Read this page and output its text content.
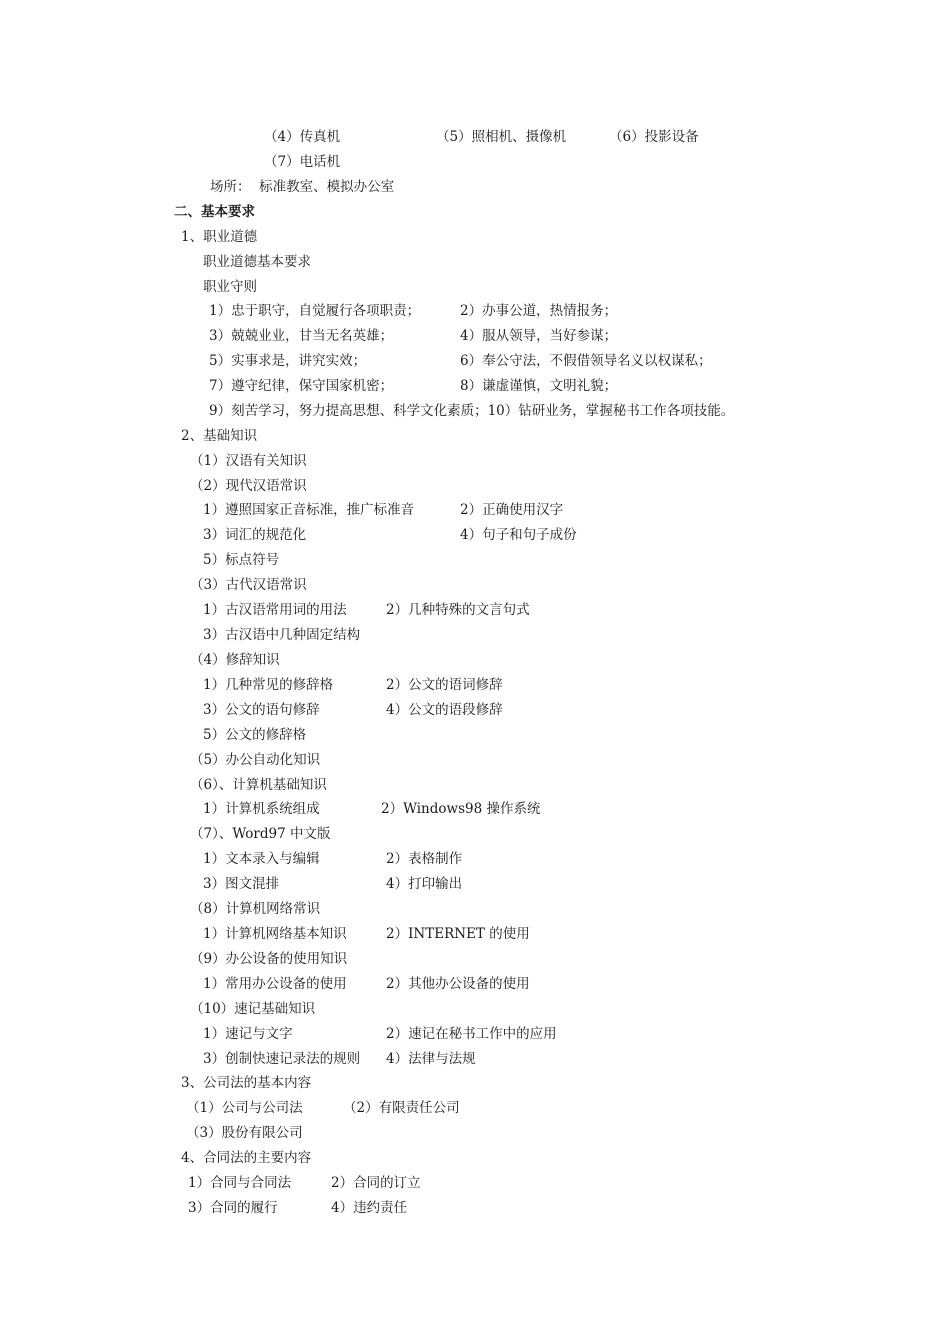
（4）传真机	（5）照相机、摄像机	（6）投影设备
（7）电话机
场所：  标准教室、模拟办公室
二、基本要求
1、职业道德
职业道德基本要求
职业守则
1）忠于职守，自觉履行各项职责；	2）办事公道，热情报务；
3）兢兢业业，甘当无名英雄；	4）服从领导，当好参谋；
5）实事求是，讲究实效；	6）奉公守法，不假借领导名义以权谋私；
7）遵守纪律，保守国家机密；	8）谦虚谨慎，文明礼貌；
9）刻苦学习，努力提高思想、科学文化素质；10）钻研业务，掌握秘书工作各项技能。
2、基础知识
（1）汉语有关知识
（2）现代汉语常识
1）遵照国家正音标准，推广标准音	2）正确使用汉字
3）词汇的规范化	4）句子和句子成份
5）标点符号
（3）古代汉语常识
1）古汉语常用词的用法	2）几种特殊的文言句式
3）古汉语中几种固定结构
（4）修辞知识
1）几种常见的修辞格	2）公文的语词修辞
3）公文的语句修辞	4）公文的语段修辞
5）公文的修辞格
（5）办公自动化知识
（6）、计算机基础知识
1）计算机系统组成	2）Windows98 操作系统
（7）、Word97 中文版
1）文本录入与编辑	2）表格制作
3）图文混排	4）打印输出
（8）计算机网络常识
1）计算机网络基本知识	2）INTERNET 的使用
（9）办公设备的使用知识
1）常用办公设备的使用	2）其他办公设备的使用
（10）速记基础知识
1）速记与文字	2）速记在秘书工作中的应用
3）创制快速记录法的规则 4）法律与法规
3、公司法的基本内容
（1）公司与公司法	（2）有限责任公司
（3）股份有限公司
4、合同法的主要内容
1）合同与合同法	2）合同的订立
3）合同的履行	4）违约责任
